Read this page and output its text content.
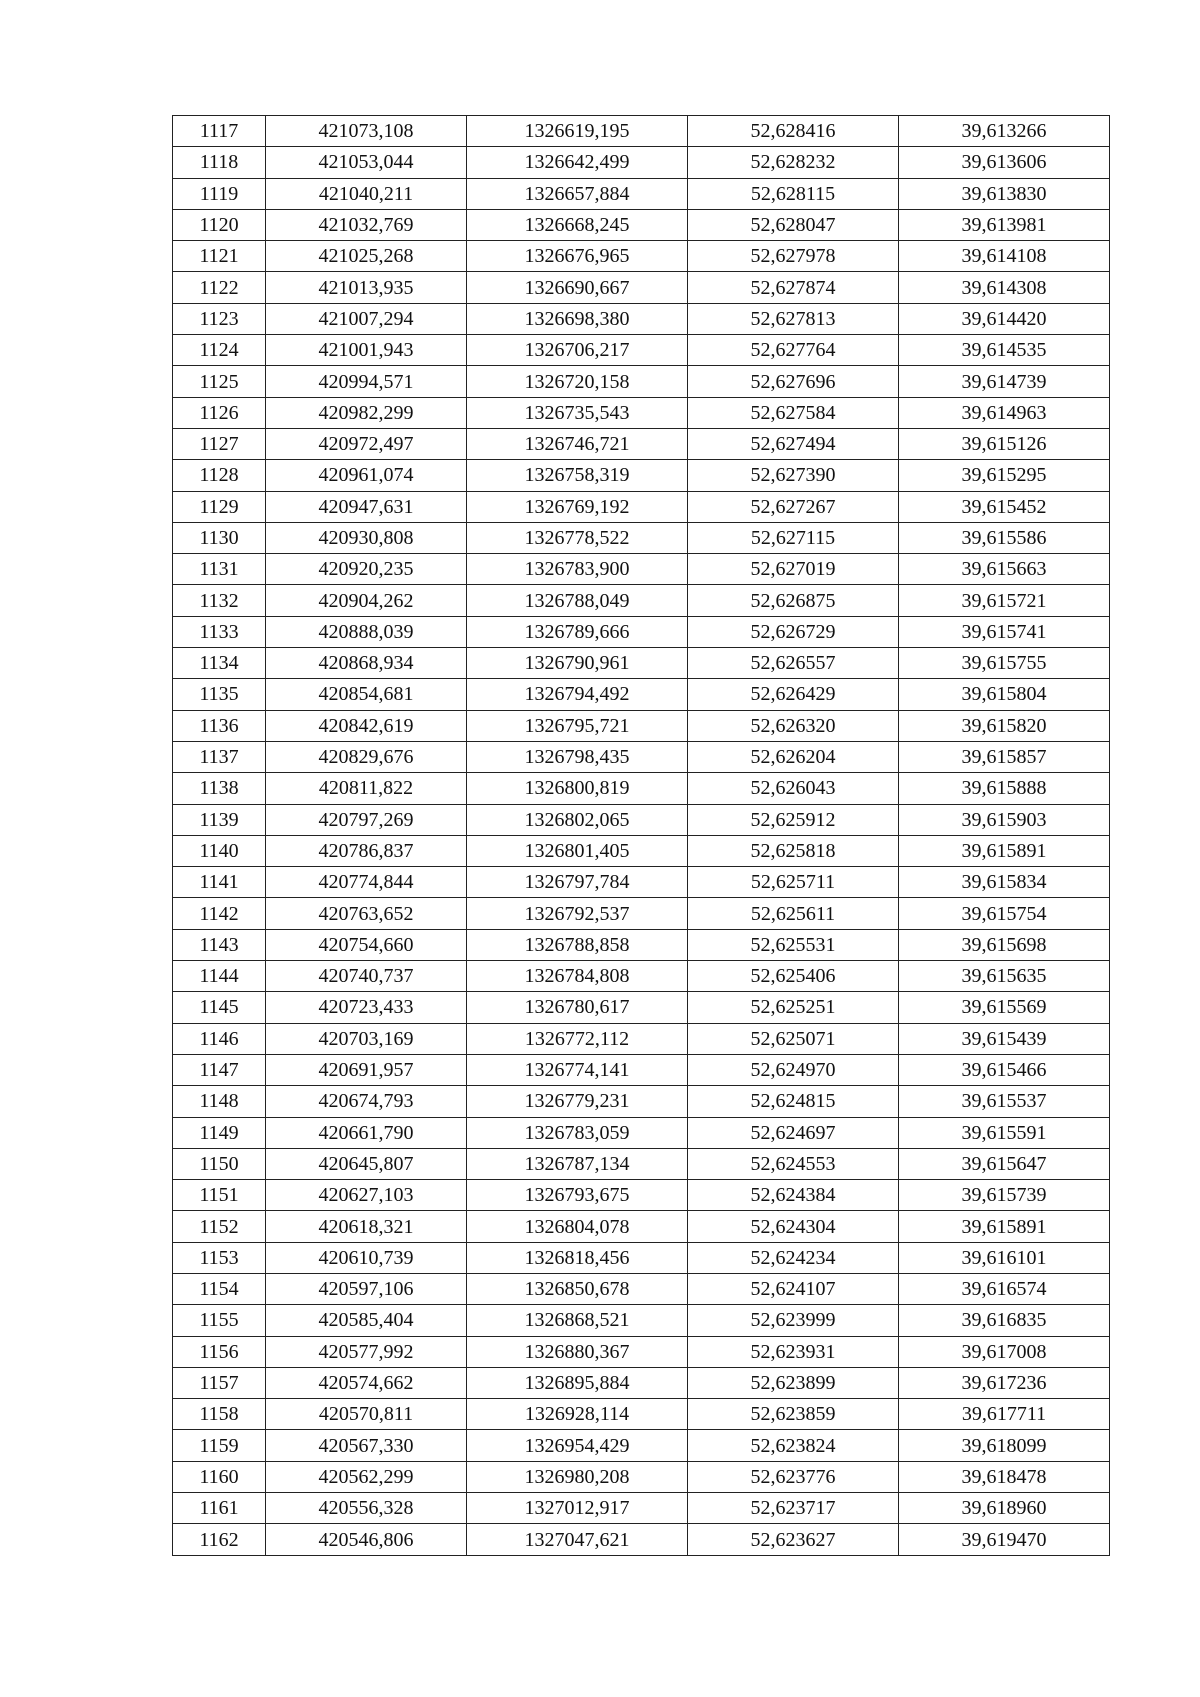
1117	421073,108	1326619,195	52,628416	39,613266
1118	421053,044	1326642,499	52,628232	39,613606
1119	421040,211	1326657,884	52,628115	39,613830
1120	421032,769	1326668,245	52,628047	39,613981
1121	421025,268	1326676,965	52,627978	39,614108
1122	421013,935	1326690,667	52,627874	39,614308
1123	421007,294	1326698,380	52,627813	39,614420
1124	421001,943	1326706,217	52,627764	39,614535
1125	420994,571	1326720,158	52,627696	39,614739
1126	420982,299	1326735,543	52,627584	39,614963
1127	420972,497	1326746,721	52,627494	39,615126
1128	420961,074	1326758,319	52,627390	39,615295
1129	420947,631	1326769,192	52,627267	39,615452
1130	420930,808	1326778,522	52,627115	39,615586
1131	420920,235	1326783,900	52,627019	39,615663
1132	420904,262	1326788,049	52,626875	39,615721
1133	420888,039	1326789,666	52,626729	39,615741
1134	420868,934	1326790,961	52,626557	39,615755
1135	420854,681	1326794,492	52,626429	39,615804
1136	420842,619	1326795,721	52,626320	39,615820
1137	420829,676	1326798,435	52,626204	39,615857
1138	420811,822	1326800,819	52,626043	39,615888
1139	420797,269	1326802,065	52,625912	39,615903
1140	420786,837	1326801,405	52,625818	39,615891
1141	420774,844	1326797,784	52,625711	39,615834
1142	420763,652	1326792,537	52,625611	39,615754
1143	420754,660	1326788,858	52,625531	39,615698
1144	420740,737	1326784,808	52,625406	39,615635
1145	420723,433	1326780,617	52,625251	39,615569
1146	420703,169	1326772,112	52,625071	39,615439
1147	420691,957	1326774,141	52,624970	39,615466
1148	420674,793	1326779,231	52,624815	39,615537
1149	420661,790	1326783,059	52,624697	39,615591
1150	420645,807	1326787,134	52,624553	39,615647
1151	420627,103	1326793,675	52,624384	39,615739
1152	420618,321	1326804,078	52,624304	39,615891
1153	420610,739	1326818,456	52,624234	39,616101
1154	420597,106	1326850,678	52,624107	39,616574
1155	420585,404	1326868,521	52,623999	39,616835
1156	420577,992	1326880,367	52,623931	39,617008
1157	420574,662	1326895,884	52,623899	39,617236
1158	420570,811	1326928,114	52,623859	39,617711
1159	420567,330	1326954,429	52,623824	39,618099
1160	420562,299	1326980,208	52,623776	39,618478
1161	420556,328	1327012,917	52,623717	39,618960
1162	420546,806	1327047,621	52,623627	39,619470
